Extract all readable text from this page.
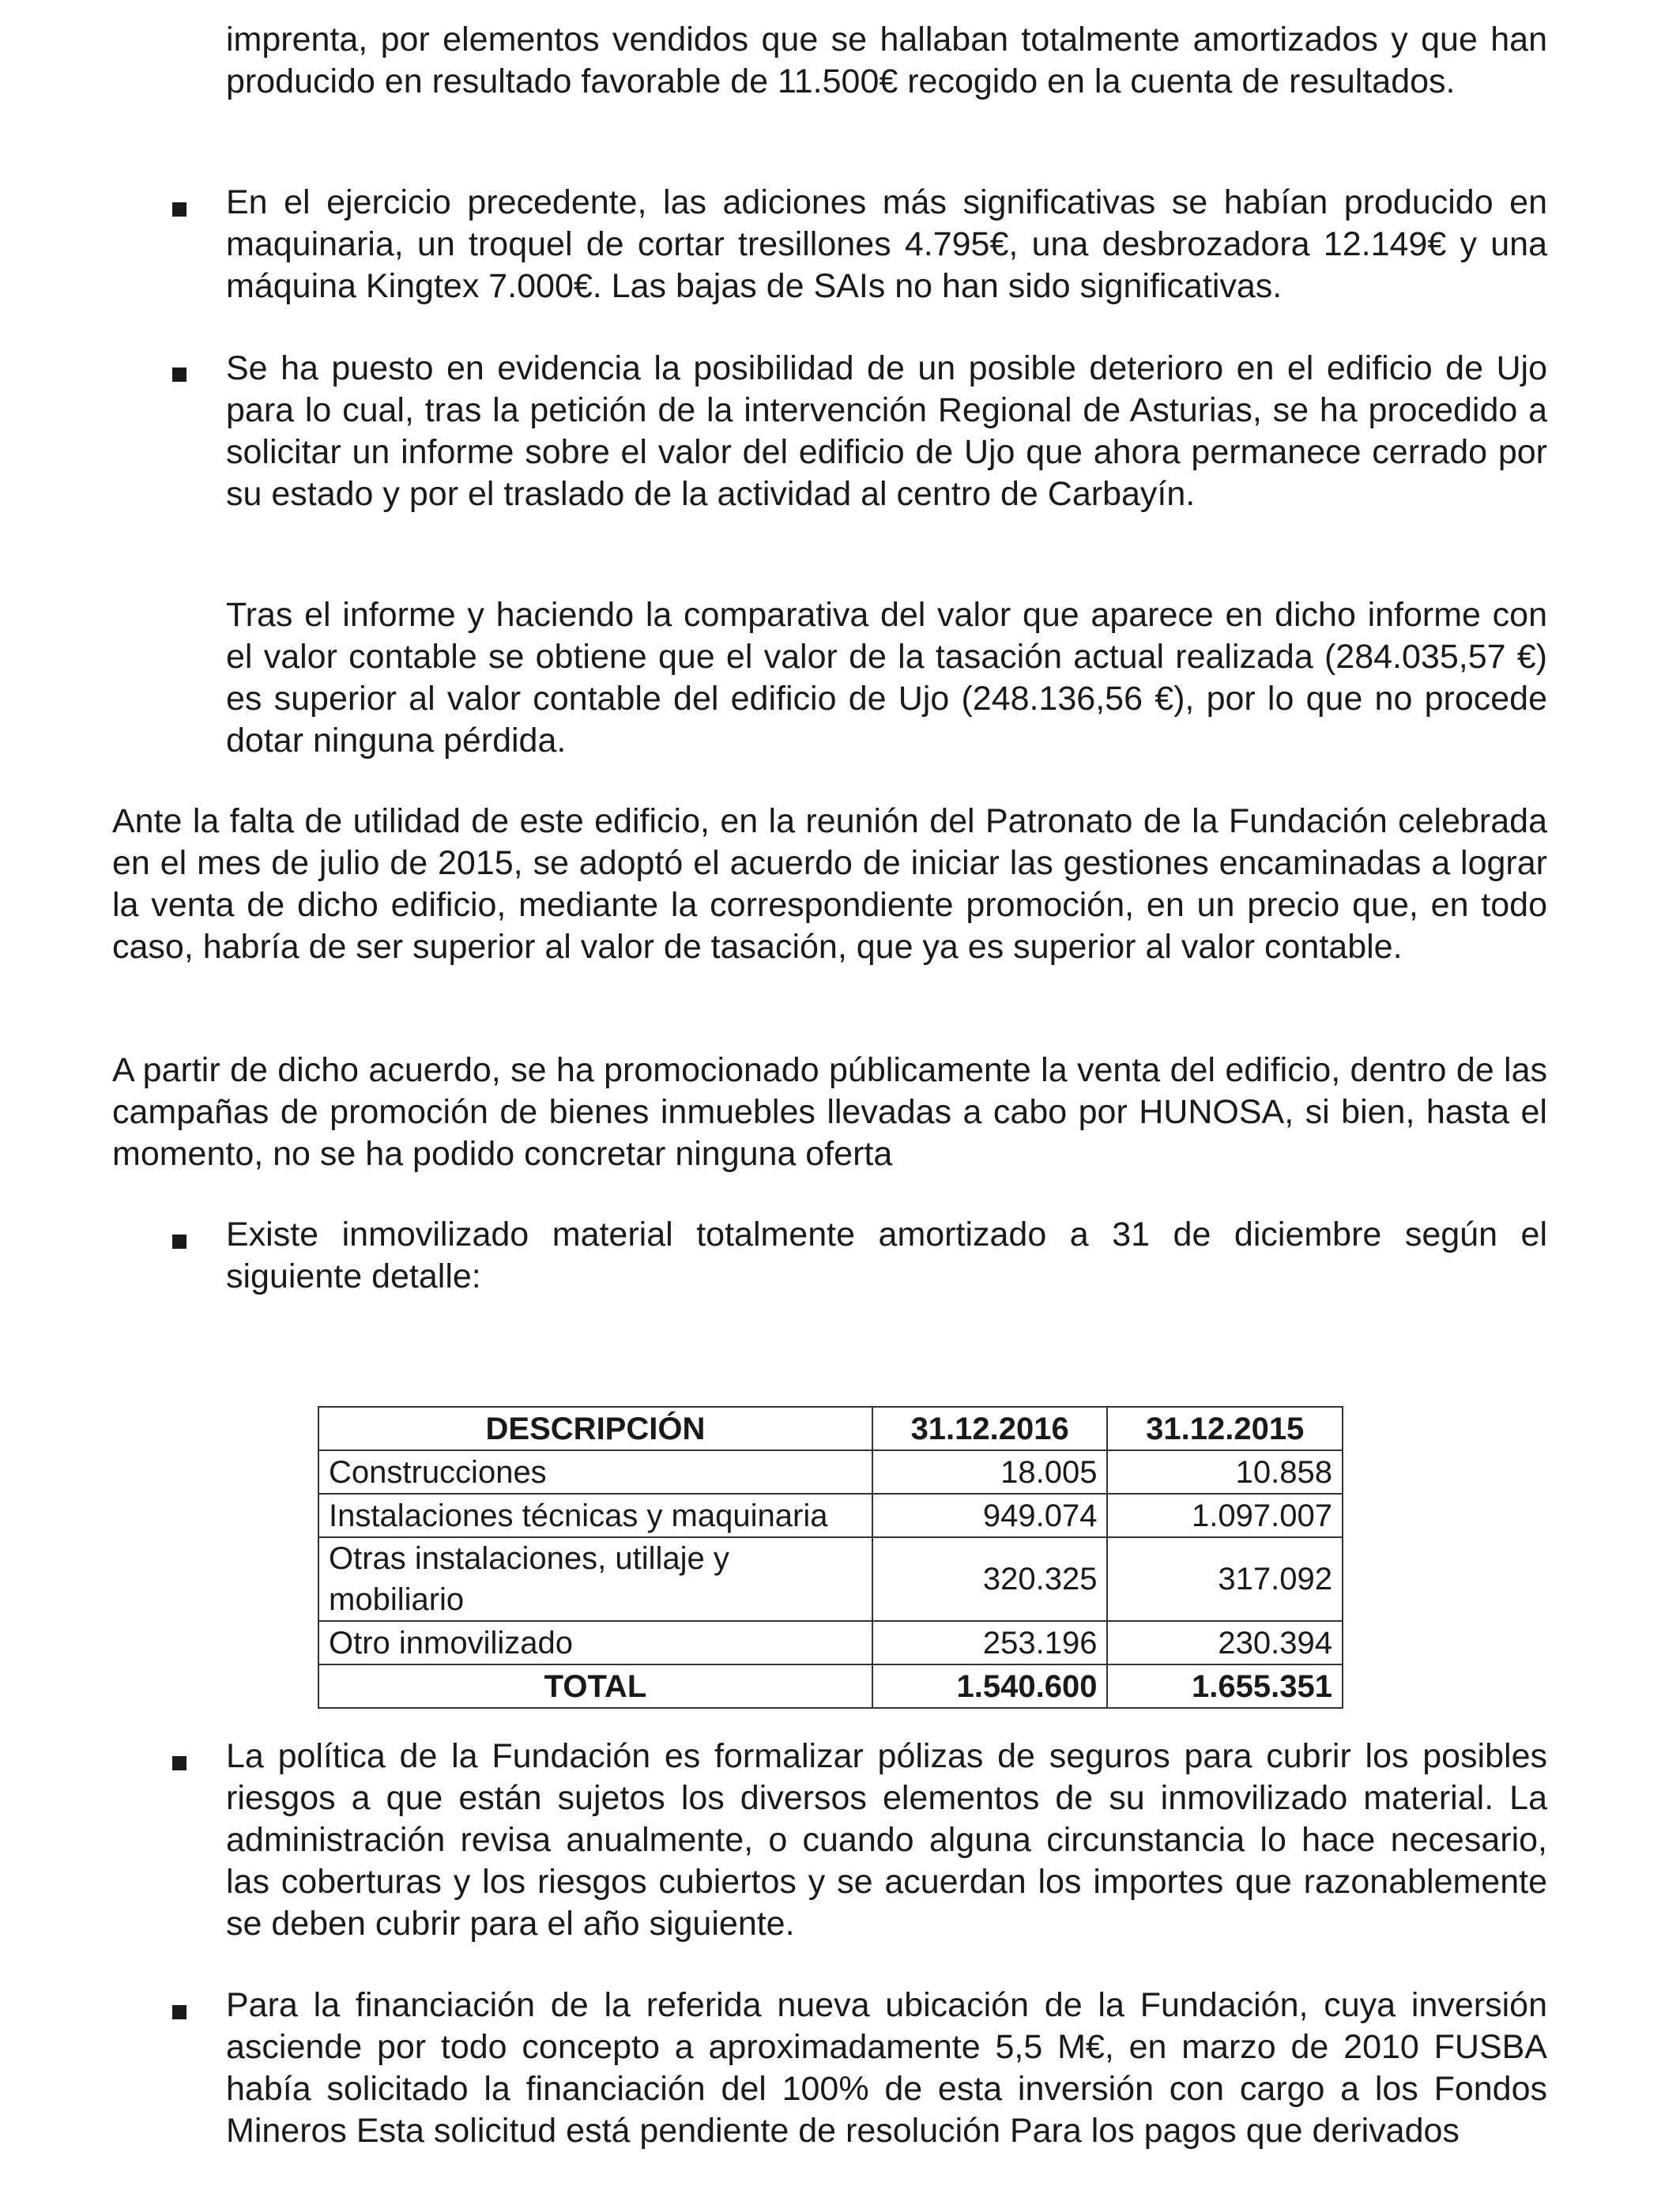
imprenta, por elementos vendidos que se hallaban totalmente amortizados y que han producido en resultado favorable de 11.500€ recogido en la cuenta de resultados.

En el ejercicio precedente, las adiciones más significativas se habían producido en maquinaria, un troquel de cortar tresillones 4.795€, una desbrozadora 12.149€ y una máquina Kingtex 7.000€. Las bajas de SAIs no han sido significativas.

Se ha puesto en evidencia la posibilidad de un posible deterioro en el edificio de Ujo para lo cual, tras la petición de la intervención Regional de Asturias, se ha procedido a solicitar un informe sobre el valor del edificio de Ujo que ahora permanece cerrado por su estado y por el traslado de la actividad al centro de Carbayín.

Tras el informe y haciendo la comparativa del valor que aparece en dicho informe con el valor contable se obtiene que el valor de la tasación actual realizada (284.035,57 €) es superior al valor contable del edificio de Ujo (248.136,56 €), por lo que no procede dotar ninguna pérdida.

Ante la falta de utilidad de este edificio, en la reunión del Patronato de la Fundación celebrada en el mes de julio de 2015, se adoptó el acuerdo de iniciar las gestiones encaminadas a lograr la venta de dicho edificio, mediante la correspondiente promoción, en un precio que, en todo caso, habría de ser superior al valor de tasación, que ya es superior al valor contable.

A partir de dicho acuerdo, se ha promocionado públicamente la venta del edificio, dentro de las campañas de promoción de bienes inmuebles llevadas a cabo por HUNOSA, si bien, hasta el momento, no se ha podido concretar ninguna oferta

Existe inmovilizado material totalmente amortizado a 31 de diciembre según el siguiente detalle:

DESCRIPCIÓN	31.12.2016	31.12.2015
Construcciones	18.005	10.858
Instalaciones técnicas y maquinaria	949.074	1.097.007
Otras instalaciones, utillaje y mobiliario	320.325	317.092
Otro inmovilizado	253.196	230.394
TOTAL	1.540.600	1.655.351

La política de la Fundación es formalizar pólizas de seguros para cubrir los posibles riesgos a que están sujetos los diversos elementos de su inmovilizado material. La administración revisa anualmente, o cuando alguna circunstancia lo hace necesario, las coberturas y los riesgos cubiertos y se acuerdan los importes que razonablemente se deben cubrir para el año siguiente.

Para la financiación de la referida nueva ubicación de la Fundación, cuya inversión asciende por todo concepto a aproximadamente 5,5 M€, en marzo de 2010 FUSBA había solicitado la financiación del 100% de esta inversión con cargo a los Fondos Mineros Esta solicitud está pendiente de resolución Para los pagos que derivados
